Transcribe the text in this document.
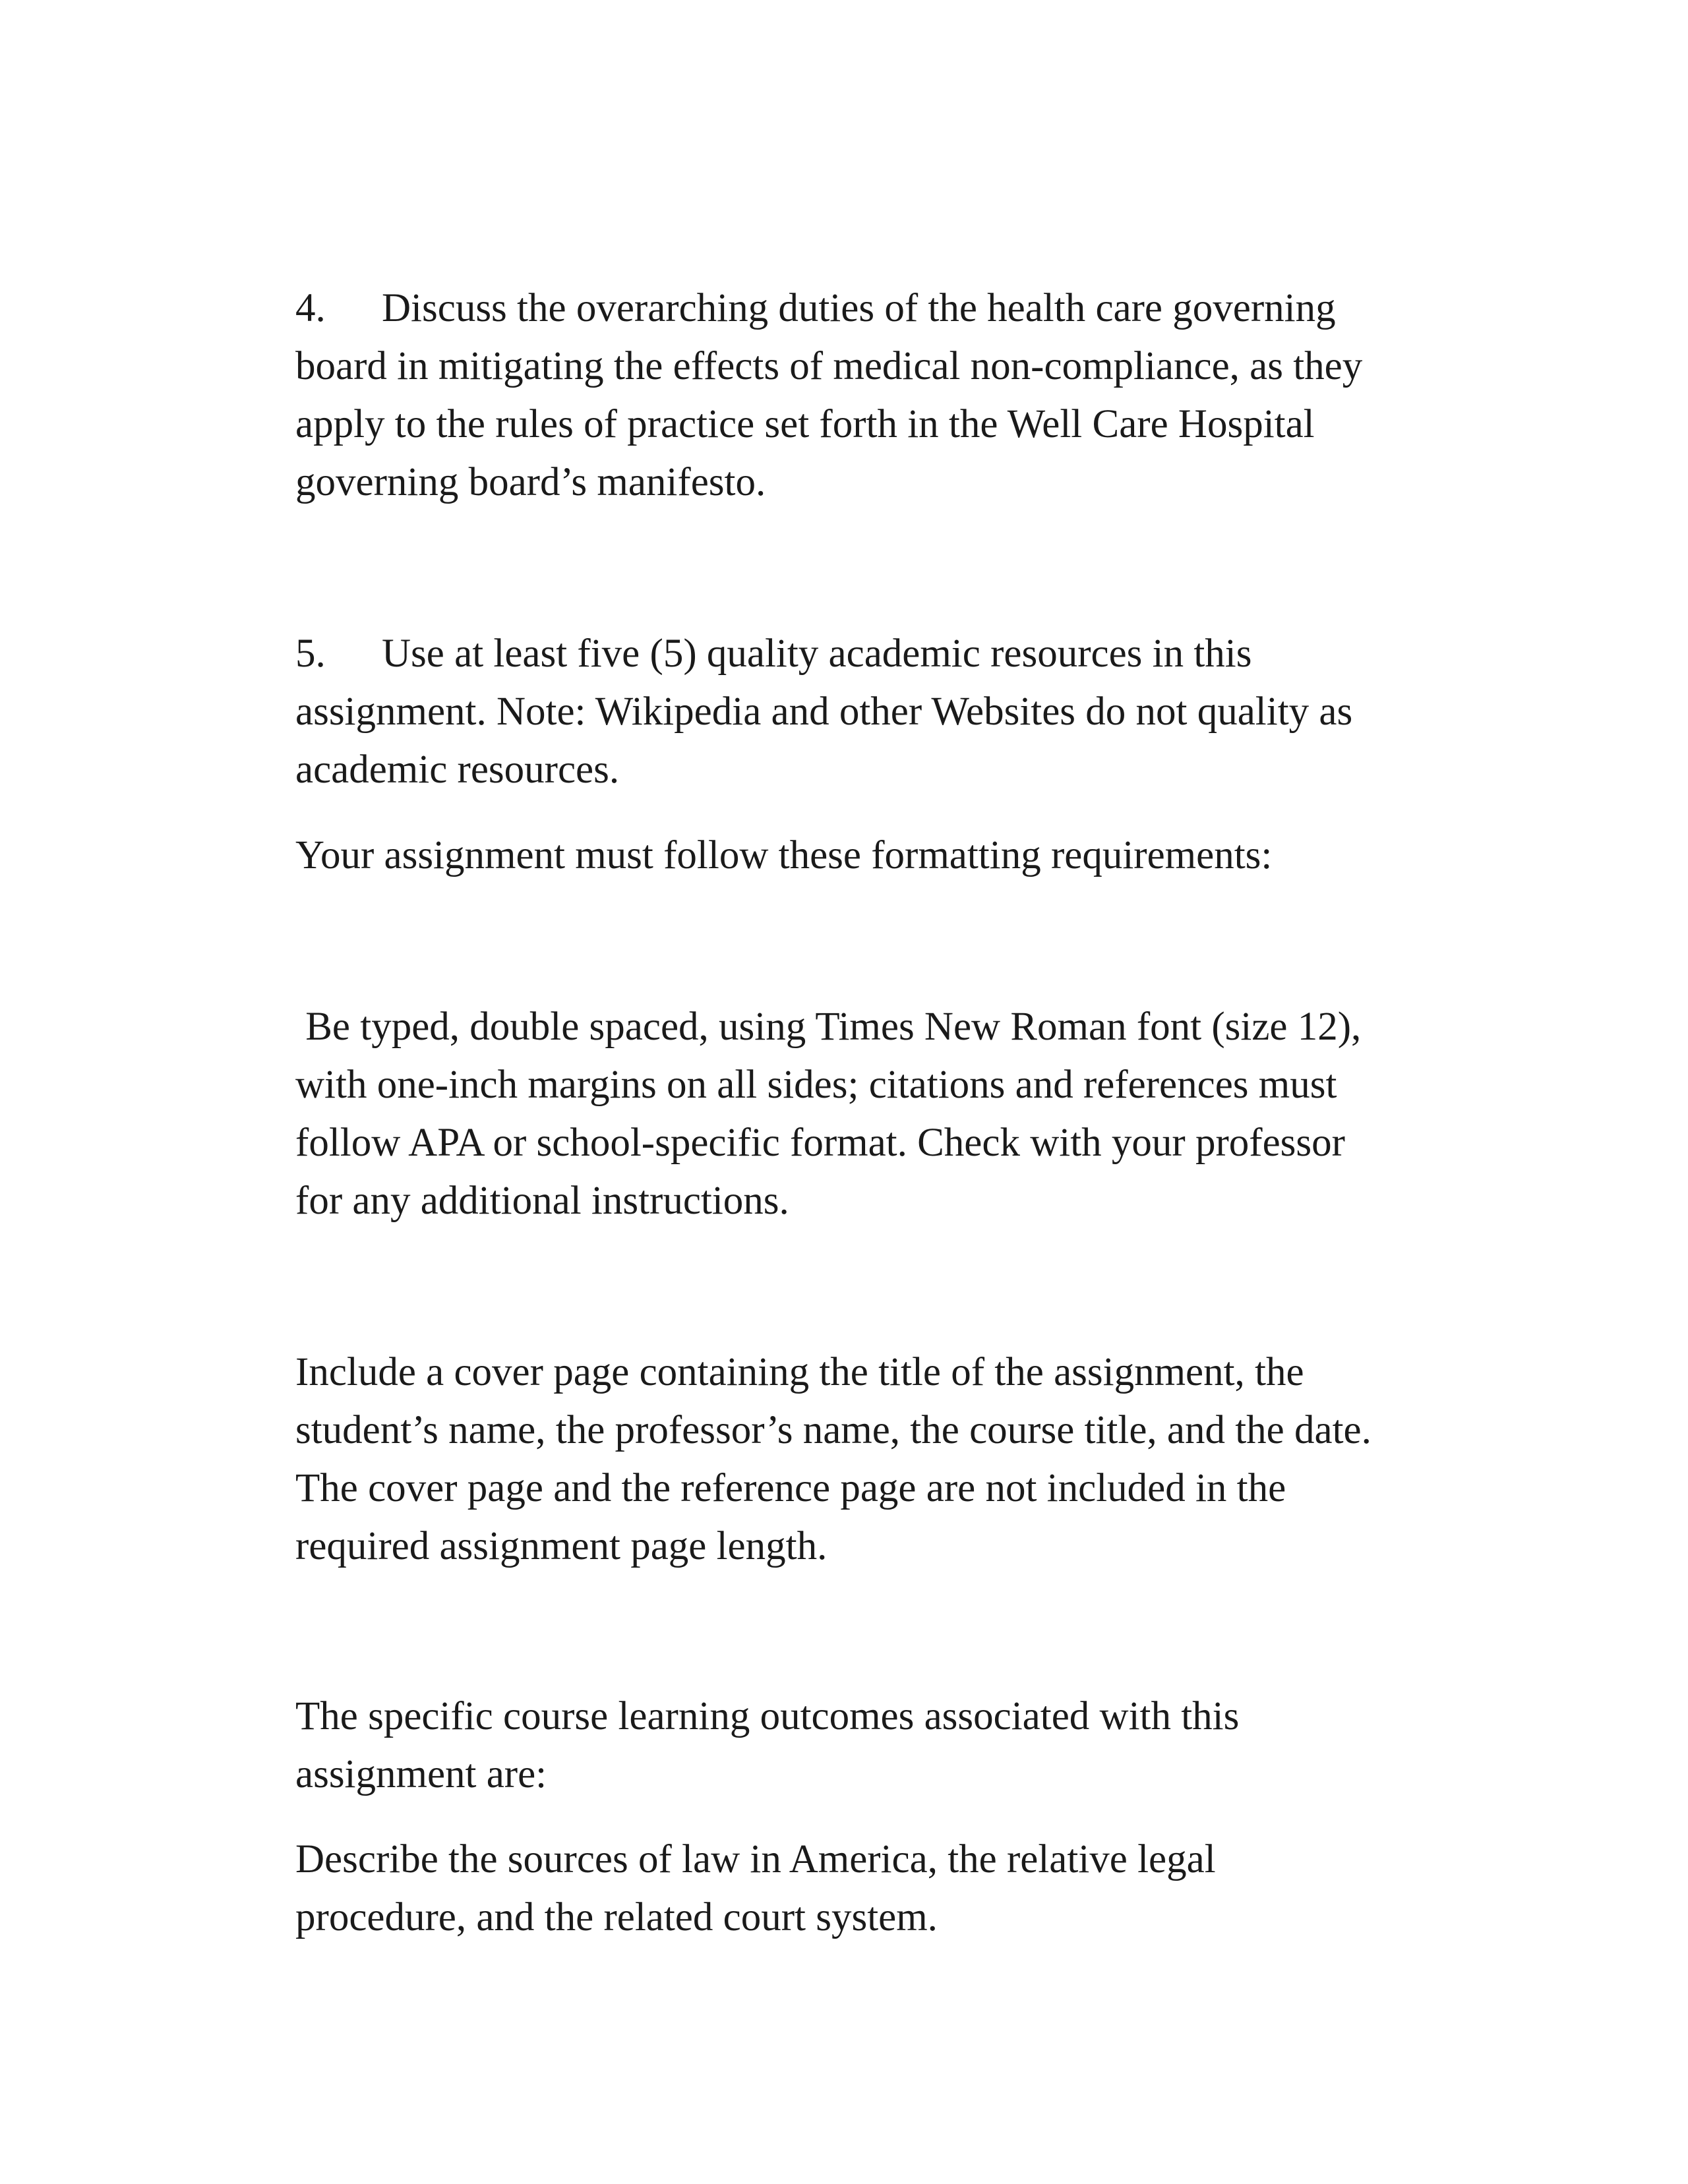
4. Discuss the overarching duties of the health care governing
board in mitigating the effects of medical non-compliance, as they
apply to the rules of practice set forth in the Well Care Hospital
governing board’s manifesto.

5. Use at least five (5) quality academic resources in this
assignment. Note: Wikipedia and other Websites do not quality as
academic resources.

Your assignment must follow these formatting requirements:

Be typed, double spaced, using Times New Roman font (size 12),
with one-inch margins on all sides; citations and references must
follow APA or school-specific format. Check with your professor
for any additional instructions.

Include a cover page containing the title of the assignment, the
student’s name, the professor’s name, the course title, and the date.
The cover page and the reference page are not included in the
required assignment page length.

The specific course learning outcomes associated with this
assignment are:

Describe the sources of law in America, the relative legal
procedure, and the related court system.
